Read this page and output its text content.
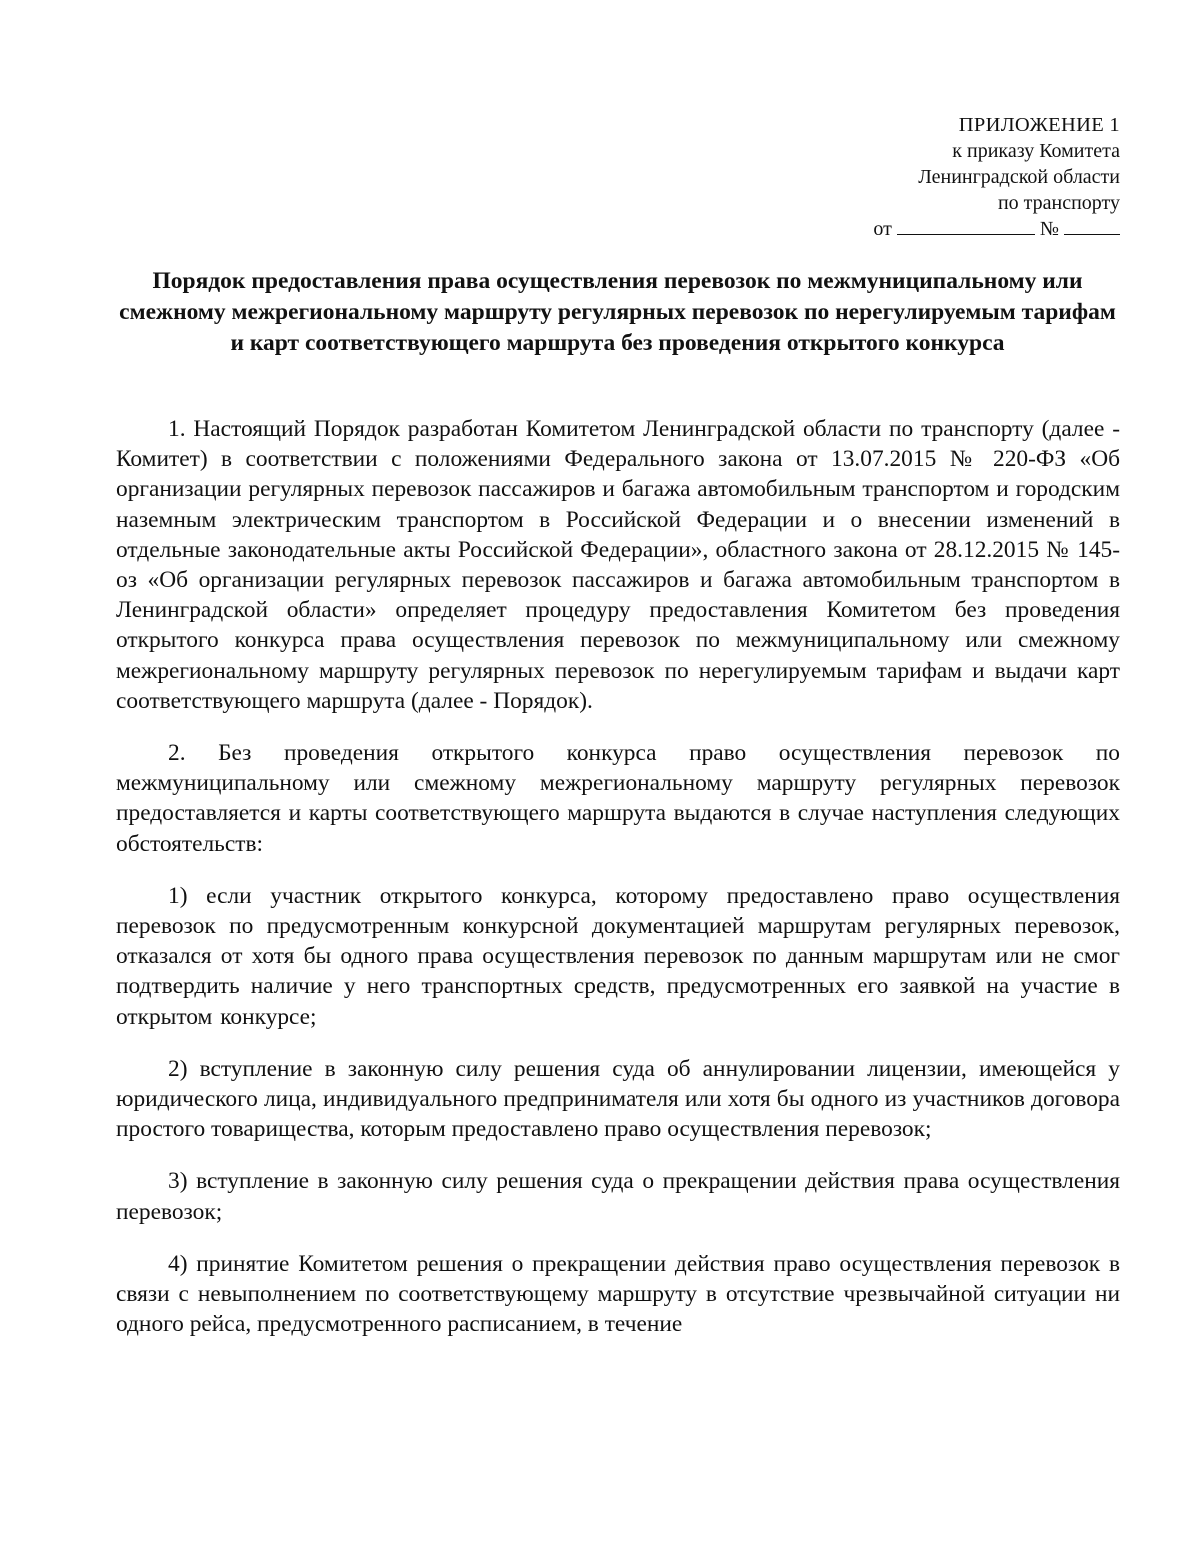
ПРИЛОЖЕНИЕ 1
к приказу Комитета
Ленинградской области
по транспорту
от	№
Порядок предоставления права осуществления перевозок по межмуниципальному или смежному межрегиональному маршруту регулярных перевозок по нерегулируемым тарифам и карт соответствующего маршрута без проведения открытого конкурса

1. Настоящий Порядок разработан Комитетом Ленинградской области по транспорту (далее - Комитет) в соответствии с положениями Федерального закона от 13.07.2015 № 220-ФЗ «Об организации регулярных перевозок пассажиров и багажа автомобильным транспортом и городским наземным электрическим транспортом в Российской Федерации и о внесении изменений в отдельные законодательные акты Российской Федерации», областного закона от 28.12.2015 № 145-оз «Об организации регулярных перевозок пассажиров и багажа автомобильным транспортом в Ленинградской области» определяет процедуру предоставления Комитетом без проведения открытого конкурса права осуществления перевозок по межмуниципальному или смежному межрегиональному маршруту регулярных перевозок по нерегулируемым тарифам и выдачи карт соответствующего маршрута (далее - Порядок).

2. Без проведения открытого конкурса право осуществления перевозок по межмуниципальному или смежному межрегиональному маршруту регулярных перевозок предоставляется и карты соответствующего маршрута выдаются в случае наступления следующих обстоятельств:

1) если участник открытого конкурса, которому предоставлено право осуществления перевозок по предусмотренным конкурсной документацией маршрутам регулярных перевозок, отказался от хотя бы одного права осуществления перевозок по данным маршрутам или не смог подтвердить наличие у него транспортных средств, предусмотренных его заявкой на участие в открытом конкурсе;

2) вступление в законную силу решения суда об аннулировании лицензии, имеющейся у юридического лица, индивидуального предпринимателя или хотя бы одного из участников договора простого товарищества, которым предоставлено право осуществления перевозок;

3) вступление в законную силу решения суда о прекращении действия права осуществления перевозок;

4) принятие Комитетом решения о прекращении действия право осуществления перевозок в связи с невыполнением по соответствующему маршруту в отсутствие чрезвычайной ситуации ни одного рейса, предусмотренного расписанием, в течение
